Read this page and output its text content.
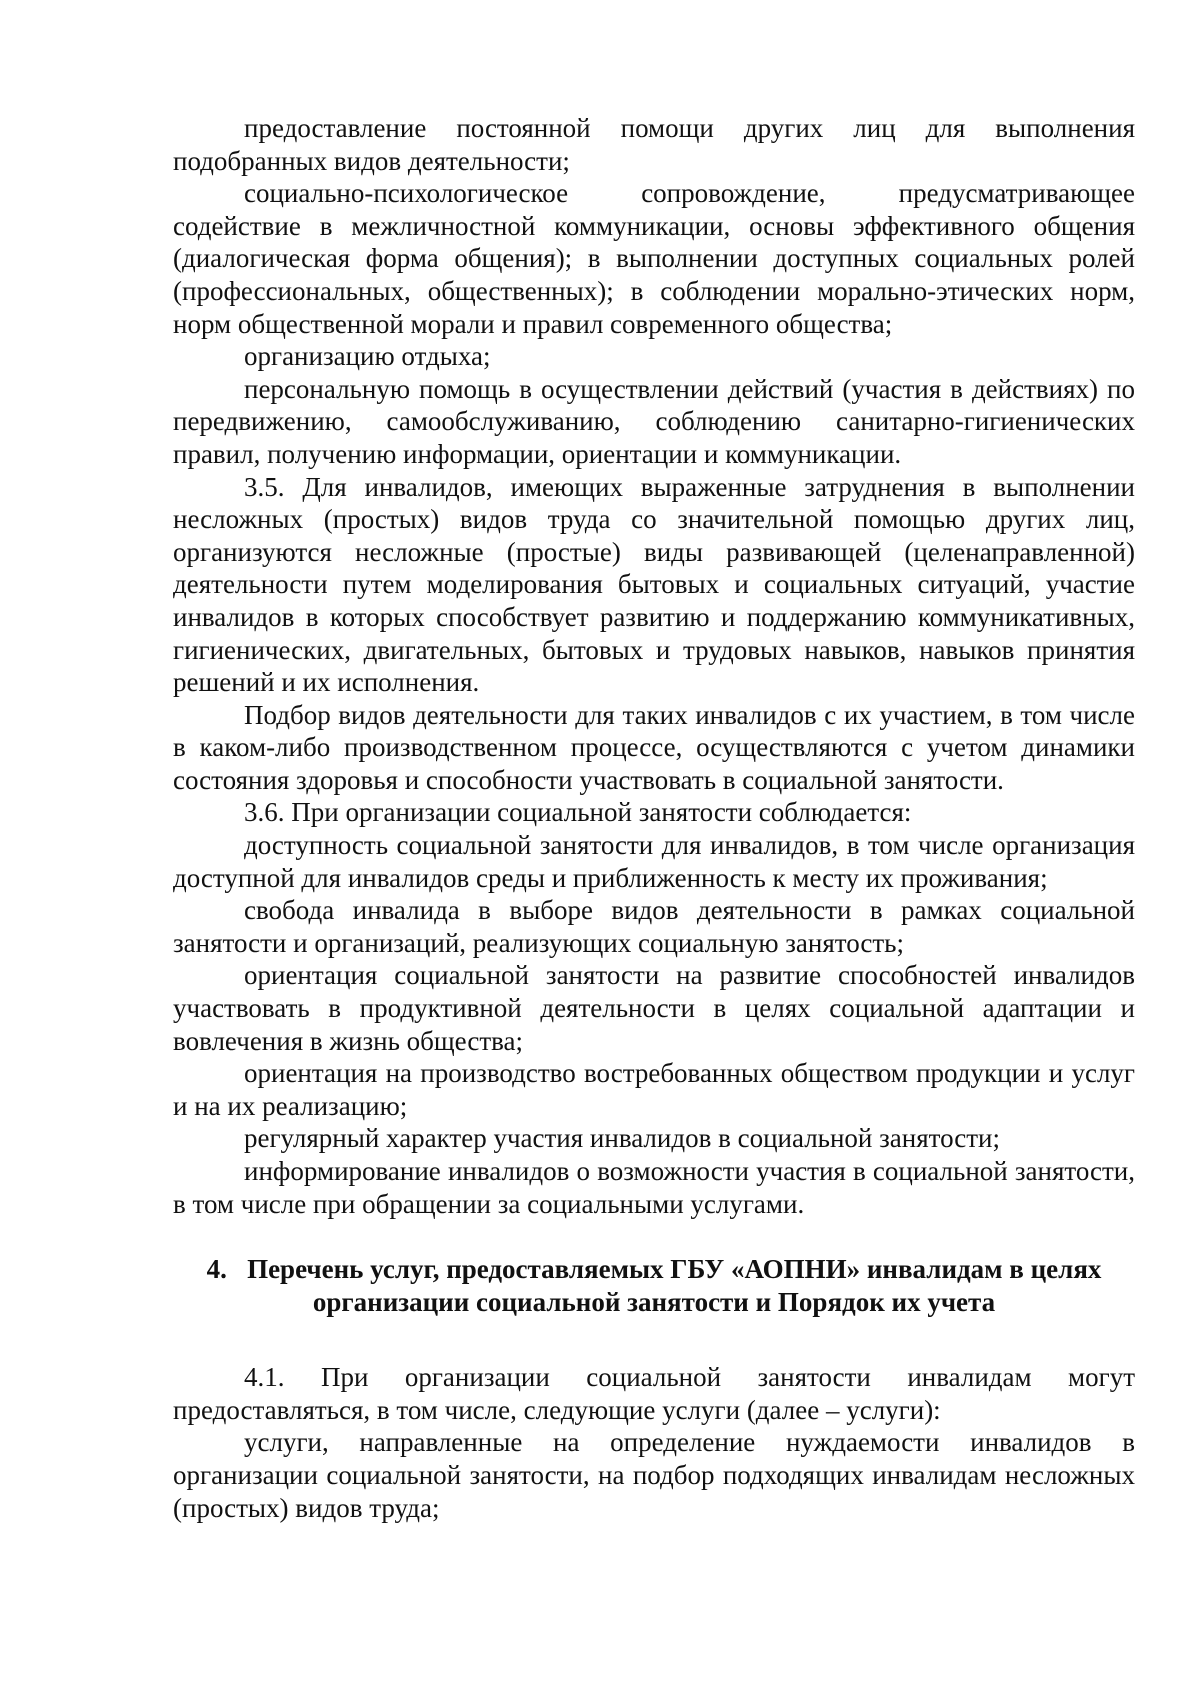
предоставление постоянной помощи других лиц для выполнения подобранных видов деятельности;

социально-психологическое сопровождение, предусматривающее содействие в межличностной коммуникации, основы эффективного общения (диалогическая форма общения); в выполнении доступных социальных ролей (профессиональных, общественных); в соблюдении морально-этических норм, норм общественной морали и правил современного общества;

организацию отдыха;

персональную помощь в осуществлении действий (участия в действиях) по передвижению, самообслуживанию, соблюдению санитарно-гигиенических правил, получению информации, ориентации и коммуникации.

3.5. Для инвалидов, имеющих выраженные затруднения в выполнении несложных (простых) видов труда со значительной помощью других лиц, организуются несложные (простые) виды развивающей (целенаправленной) деятельности путем моделирования бытовых и социальных ситуаций, участие инвалидов в которых способствует развитию и поддержанию коммуникативных, гигиенических, двигательных, бытовых и трудовых навыков, навыков принятия решений и их исполнения.

Подбор видов деятельности для таких инвалидов с их участием, в том числе в каком-либо производственном процессе, осуществляются с учетом динамики состояния здоровья и способности участвовать в социальной занятости.

3.6. При организации социальной занятости соблюдается:

доступность социальной занятости для инвалидов, в том числе организация доступной для инвалидов среды и приближенность к месту их проживания;

свобода инвалида в выборе видов деятельности в рамках социальной занятости и организаций, реализующих социальную занятость;

ориентация социальной занятости на развитие способностей инвалидов участвовать в продуктивной деятельности в целях социальной адаптации и вовлечения в жизнь общества;

ориентация на производство востребованных обществом продукции и услуг и на их реализацию;

регулярный характер участия инвалидов в социальной занятости;

информирование инвалидов о возможности участия в социальной занятости, в том числе при обращении за социальными услугами.

4.   Перечень услуг, предоставляемых ГБУ «АОПНИ» инвалидам в целях
организации социальной занятости и Порядок их учета

4.1. При организации социальной занятости инвалидам могут предоставляться, в том числе, следующие услуги (далее – услуги):

услуги, направленные на определение нуждаемости инвалидов в организации социальной занятости, на подбор подходящих инвалидам несложных (простых) видов труда;
